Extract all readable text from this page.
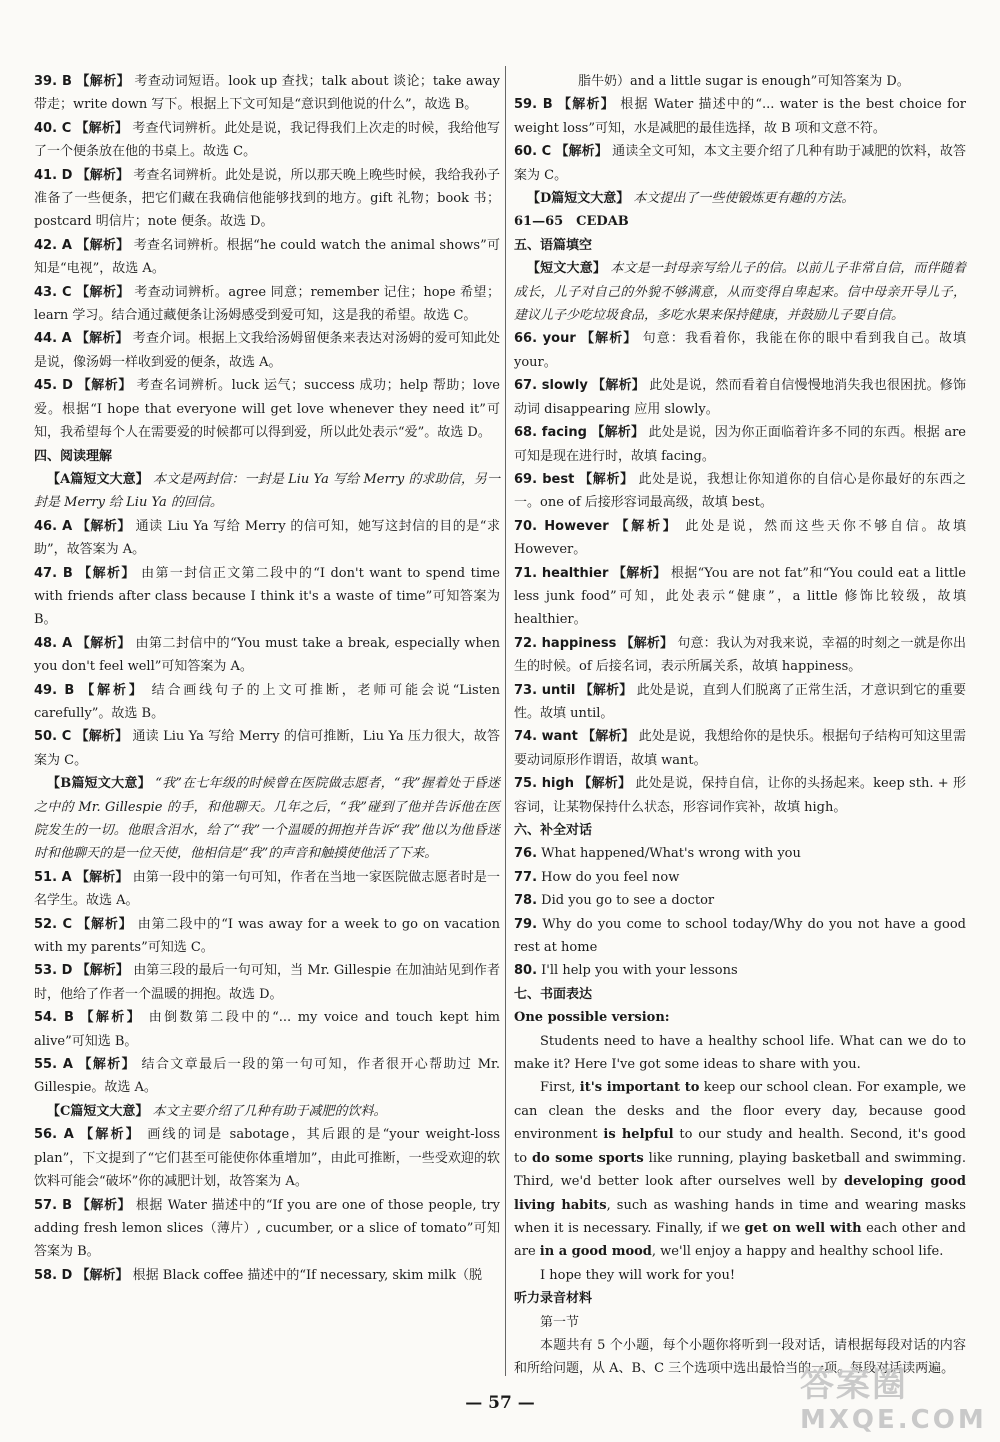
39. B 【解析】 考查动词短语。look up 查找；talk about 谈论；take away 带走；write down 写下。根据上下文可知是“意识到他说的什么”，故选 B。

40. C 【解析】 考查代词辨析。此处是说，我记得我们上次走的时候，我给他写了一个便条放在他的书桌上。故选 C。

41. D 【解析】 考查名词辨析。此处是说，所以那天晚上晚些时候，我给我孙子准备了一些便条，把它们藏在我确信他能够找到的地方。gift 礼物；book 书；postcard 明信片；note 便条。故选 D。

42. A 【解析】 考查名词辨析。根据“he could watch the animal shows”可知是“电视”，故选 A。

43. C 【解析】 考查动词辨析。agree 同意；remember 记住；hope 希望；learn 学习。结合通过藏便条让汤姆感受到爱可知，这是我的希望。故选 C。

44. A 【解析】 考查介词。根据上文我给汤姆留便条来表达对汤姆的爱可知此处是说，像汤姆一样收到爱的便条，故选 A。

45. D 【解析】 考查名词辨析。luck 运气；success 成功；help 帮助；love 爱。根据“I hope that everyone will get love whenever they need it”可知，我希望每个人在需要爱的时候都可以得到爱，所以此处表示“爱”。故选 D。

四、阅读理解

【A篇短文大意】 本文是两封信：一封是 Liu Ya 写给 Merry 的求助信，另一封是 Merry 给 Liu Ya 的回信。

46. A 【解析】 通读 Liu Ya 写给 Merry 的信可知，她写这封信的目的是“求助”，故答案为 A。

47. B 【解析】 由第一封信正文第二段中的“I don't want to spend time with friends after class because I think it's a waste of time”可知答案为 B。

48. A 【解析】 由第二封信中的“You must take a break, especially when you don't feel well”可知答案为 A。

49. B 【解析】 结合画线句子的上文可推断，老师可能会说“Listen carefully”。故选 B。

50. C 【解析】 通读 Liu Ya 写给 Merry 的信可推断，Liu Ya 压力很大，故答案为 C。

【B篇短文大意】 “我”在七年级的时候曾在医院做志愿者，“我”握着处于昏迷之中的 Mr. Gillespie 的手，和他聊天。几年之后，“我”碰到了他并告诉他在医院发生的一切。他眼含泪水，给了“我”一个温暖的拥抱并告诉“我”他以为他昏迷时和他聊天的是一位天使，他相信是“我”的声音和触摸使他活了下来。

51. A 【解析】 由第一段中的第一句可知，作者在当地一家医院做志愿者时是一名学生。故选 A。

52. C 【解析】 由第二段中的“I was away for a week to go on vacation with my parents”可知选 C。

53. D 【解析】 由第三段的最后一句可知，当 Mr. Gillespie 在加油站见到作者时，他给了作者一个温暖的拥抱。故选 D。

54. B 【解析】 由倒数第二段中的“... my voice and touch kept him alive”可知选 B。

55. A 【解析】 结合文章最后一段的第一句可知，作者很开心帮助过 Mr. Gillespie。故选 A。

【C篇短文大意】 本文主要介绍了几种有助于减肥的饮料。

56. A 【解析】 画线的词是 sabotage，其后跟的是“your weight-loss plan”，下文提到了“它们甚至可能使你体重增加”，由此可推断，一些受欢迎的软饮料可能会“破坏”你的减肥计划，故答案为 A。

57. B 【解析】 根据 Water 描述中的“If you are one of those people, try adding fresh lemon slices（薄片）, cucumber, or a slice of tomato”可知答案为 B。

58. D 【解析】 根据 Black coffee 描述中的“If necessary, skim milk（脱

脂牛奶）and a little sugar is enough”可知答案为 D。

59. B 【解析】 根据 Water 描述中的“... water is the best choice for weight loss”可知，水是减肥的最佳选择，故 B 项和文意不符。

60. C 【解析】 通读全文可知，本文主要介绍了几种有助于减肥的饮料，故答案为 C。

【D篇短文大意】 本文提出了一些使锻炼更有趣的方法。

61—65　CEDAB

五、语篇填空

【短文大意】 本文是一封母亲写给儿子的信。以前儿子非常自信，而伴随着成长，儿子对自己的外貌不够满意，从而变得自卑起来。信中母亲开导儿子，建议儿子少吃垃圾食品，多吃水果来保持健康，并鼓励儿子要自信。

66. your 【解析】 句意：我看着你，我能在你的眼中看到我自己。故填 your。

67. slowly 【解析】 此处是说，然而看着自信慢慢地消失我也很困扰。修饰动词 disappearing 应用 slowly。

68. facing 【解析】 此处是说，因为你正面临着许多不同的东西。根据 are 可知是现在进行时，故填 facing。

69. best 【解析】 此处是说，我想让你知道你的自信心是你最好的东西之一。one of 后接形容词最高级，故填 best。

70. However 【解析】 此处是说，然而这些天你不够自信。故填 However。

71. healthier 【解析】 根据“You are not fat”和“You could eat a little less junk food”可知，此处表示“健康”，a little 修饰比较级，故填 healthier。

72. happiness 【解析】 句意：我认为对我来说，幸福的时刻之一就是你出生的时候。of 后接名词，表示所属关系，故填 happiness。

73. until 【解析】 此处是说，直到人们脱离了正常生活，才意识到它的重要性。故填 until。

74. want 【解析】 此处是说，我想给你的是快乐。根据句子结构可知这里需要动词原形作谓语，故填 want。

75. high 【解析】 此处是说，保持自信，让你的头扬起来。keep sth. + 形容词，让某物保持什么状态，形容词作宾补，故填 high。

六、补全对话

76. What happened/What's wrong with you

77. How do you feel now

78. Did you go to see a doctor

79. Why do you come to school today/Why do you not have a good rest at home

80. I'll help you with your lessons

七、书面表达

One possible version:

Students need to have a healthy school life. What can we do to make it? Here I've got some ideas to share with you.

First, it's important to keep our school clean. For example, we can clean the desks and the floor every day, because good environment is helpful to our study and health. Second, it's good to do some sports like running, playing basketball and swimming. Third, we'd better look after ourselves well by developing good living habits, such as washing hands in time and wearing masks when it is necessary. Finally, if we get on well with each other and are in a good mood, we'll enjoy a happy and healthy school life.

I hope they will work for you!

听力录音材料

第一节

本题共有 5 个小题，每个小题你将听到一段对话，请根据每段对话的内容和所给问题，从 A、B、C 三个选项中选出最恰当的一项。每段对话读两遍。

— 57 —	答案圈
MXQE.COM
